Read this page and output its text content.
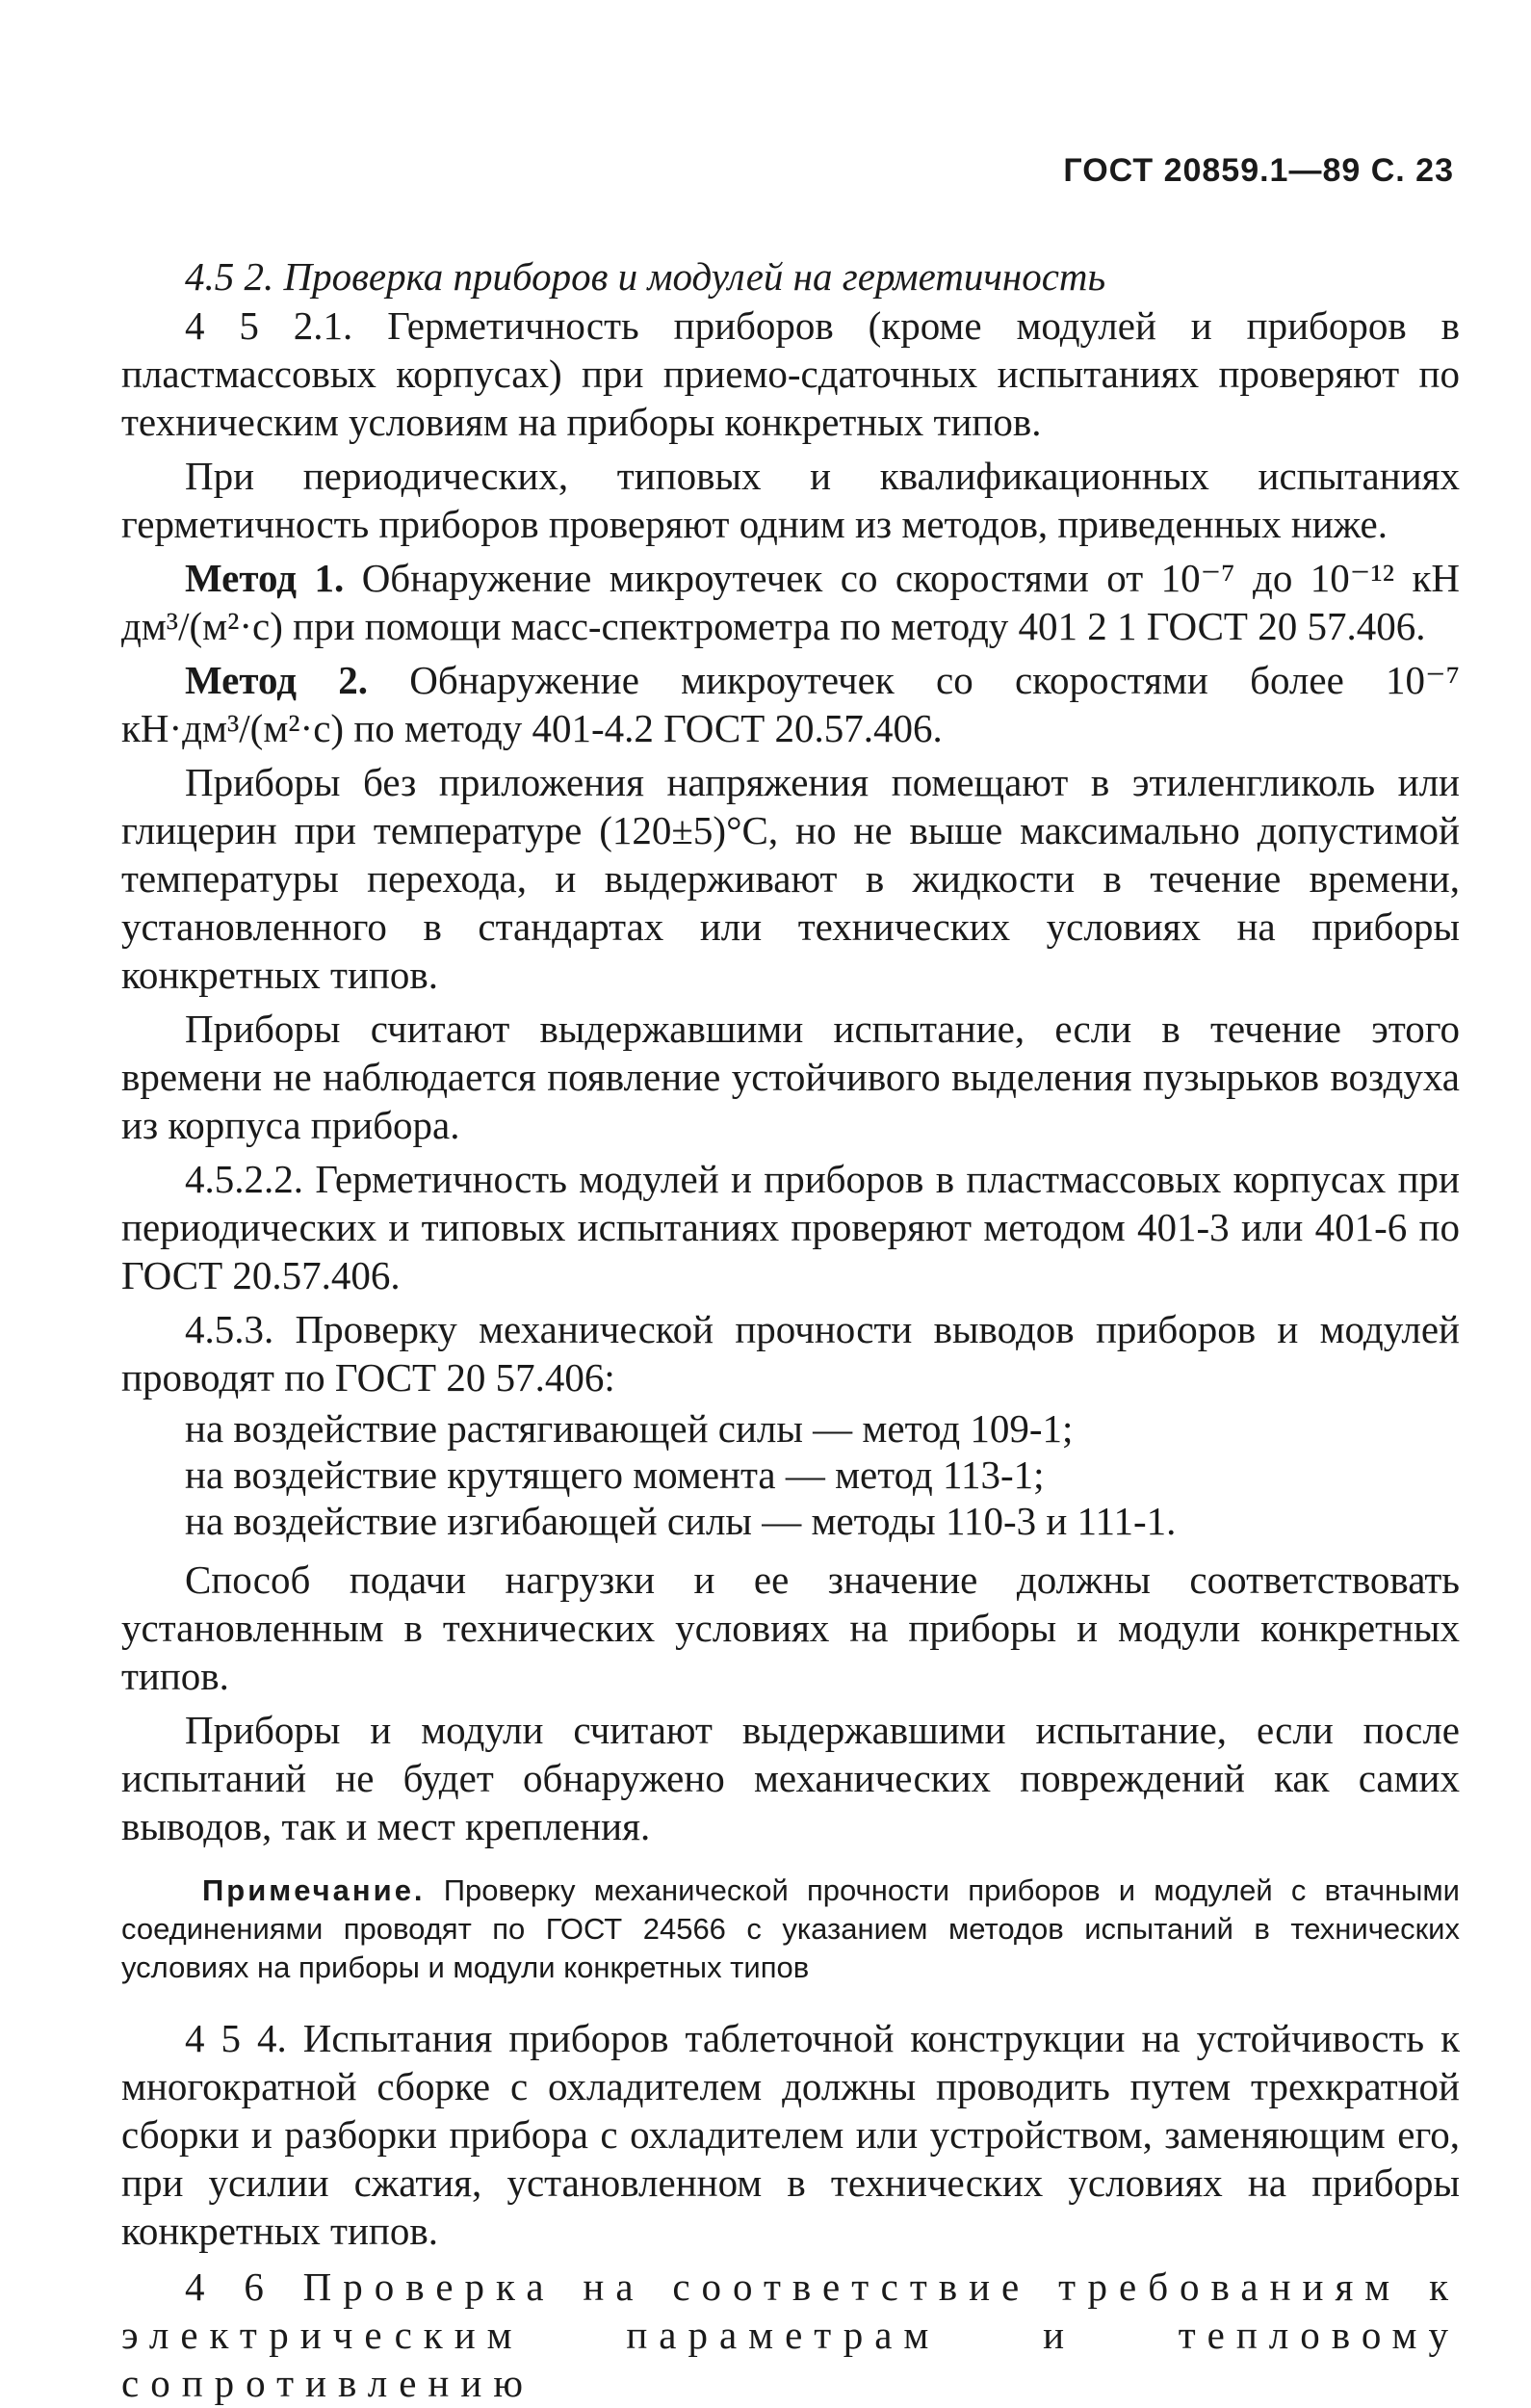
ГОСТ 20859.1—89 С. 23

4.5 2. Проверка приборов и модулей на герметичность

4 5 2.1. Герметичность приборов (кроме модулей и приборов в пластмассовых корпусах) при приемо-сдаточных испытаниях проверяют по техническим условиям на приборы конкретных типов.

При периодических, типовых и квалификационных испытаниях герметичность приборов проверяют одним из методов, приведенных ниже.

Метод 1. Обнаружение микроутечек со скоростями от 10⁻⁷ до 10⁻¹² кН дм³/(м²·с) при помощи масс-спектрометра по методу 401 2 1 ГОСТ 20 57.406.

Метод 2. Обнаружение микроутечек со скоростями более 10⁻⁷ кН·дм³/(м²·с) по методу 401-4.2 ГОСТ 20.57.406.

Приборы без приложения напряжения помещают в этиленгликоль или глицерин при температуре (120±5)°С, но не выше максимально допустимой температуры перехода, и выдерживают в жидкости в течение времени, установленного в стандартах или технических условиях на приборы конкретных типов.

Приборы считают выдержавшими испытание, если в течение этого времени не наблюдается появление устойчивого выделения пузырьков воздуха из корпуса прибора.

4.5.2.2. Герметичность модулей и приборов в пластмассовых корпусах при периодических и типовых испытаниях проверяют методом 401-3 или 401-6 по ГОСТ 20.57.406.

4.5.3. Проверку механической прочности выводов приборов и модулей проводят по ГОСТ 20 57.406:

на воздействие растягивающей силы — метод 109-1;

на воздействие крутящего момента — метод 113-1;

на воздействие изгибающей силы — методы 110-3 и 111-1.

Способ подачи нагрузки и ее значение должны соответствовать установленным в технических условиях на приборы и модули конкретных типов.

Приборы и модули считают выдержавшими испытание, если после испытаний не будет обнаружено механических повреждений как самих выводов, так и мест крепления.

Примечание. Проверку механической прочности приборов и модулей с втачными соединениями проводят по ГОСТ 24566 с указанием методов испытаний в технических условиях на приборы и модули конкретных типов

4 5 4. Испытания приборов таблеточной конструкции на устойчивость к многократной сборке с охладителем должны проводить путем трехкратной сборки и разборки прибора с охладителем или устройством, заменяющим его, при усилии сжатия, установленном в технических условиях на приборы конкретных типов.

4 6 Проверка на соответствие требованиям к электрическим параметрам и тепловому сопротивлению
